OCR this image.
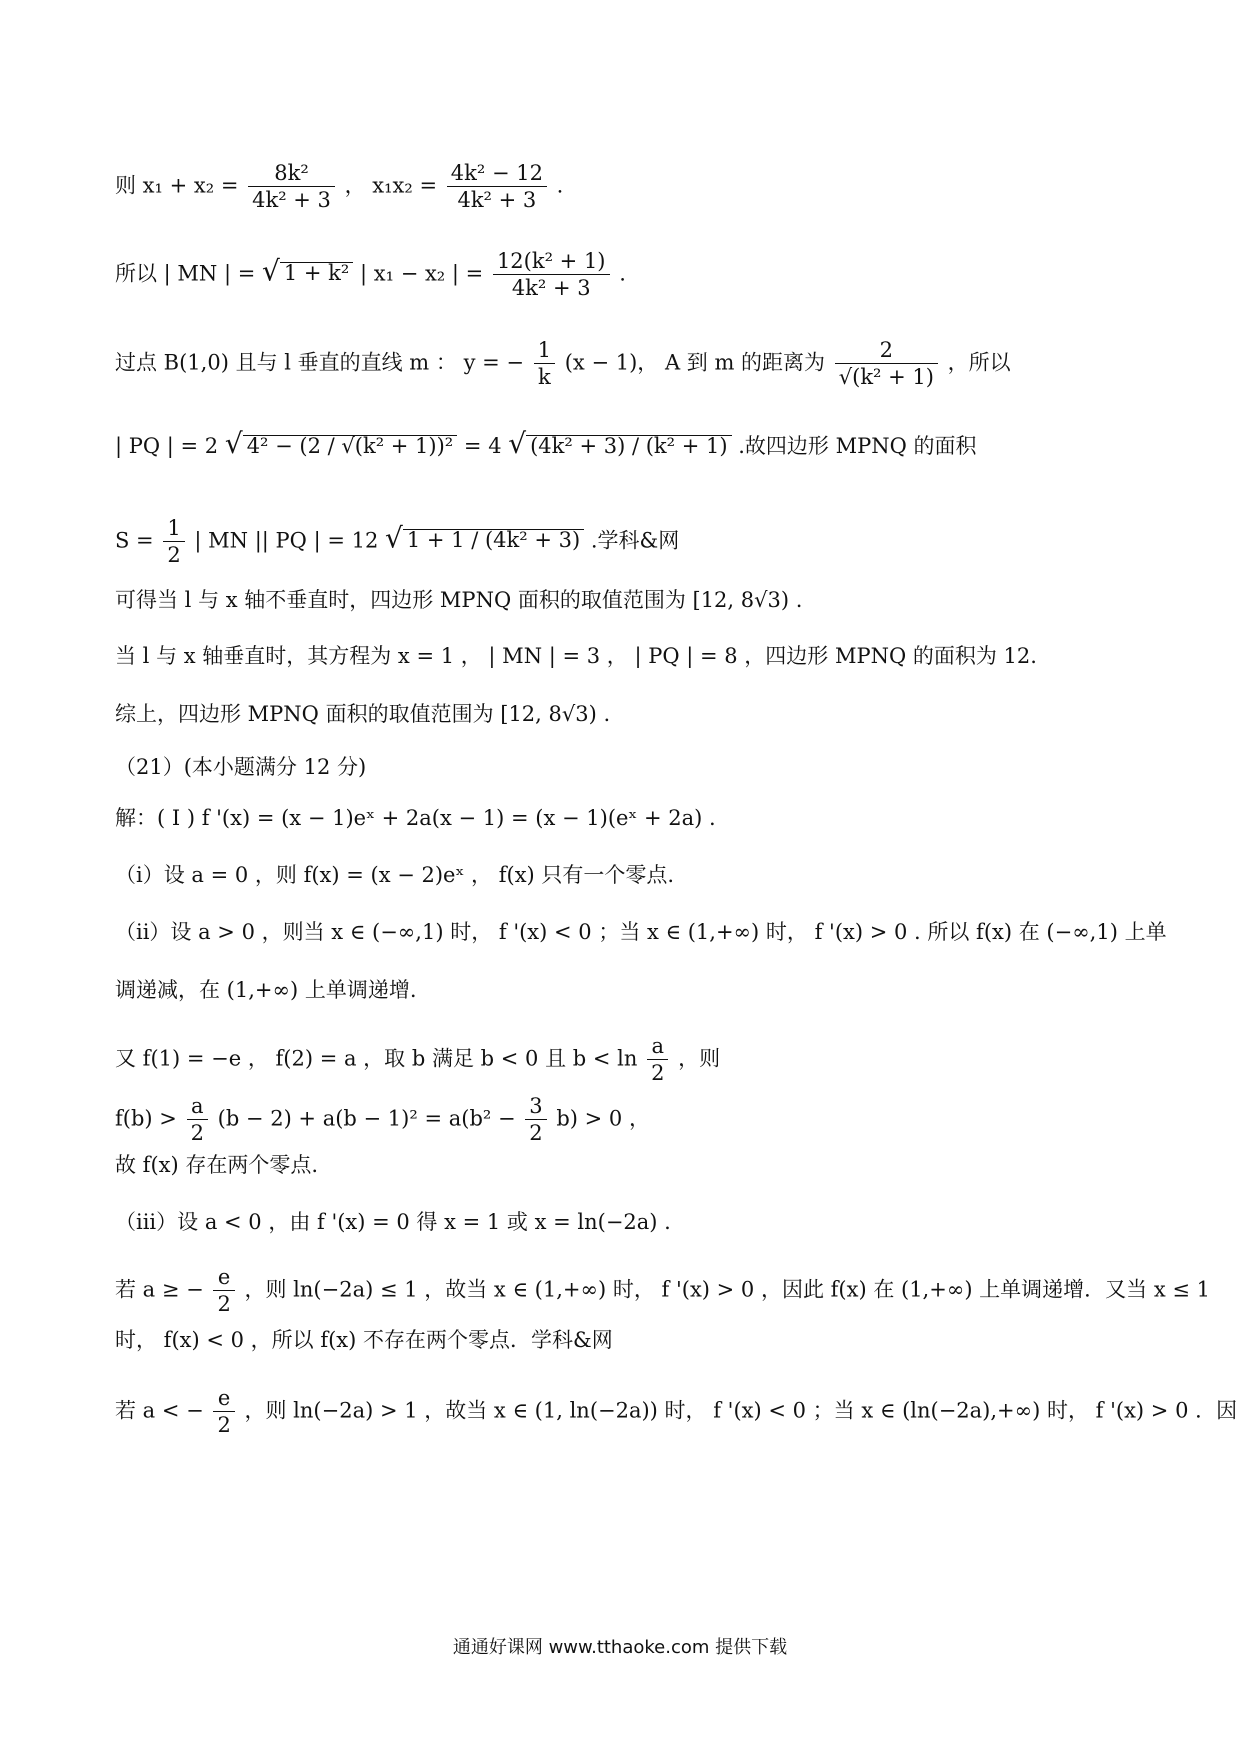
则 $x_1 + x_2 = \frac{\text{8k²}}{\text{4k² + 3}}$ ， $x_1x_2 = \frac{\text{4k² − 12}}{\text{4k² + 3}}$ .
所以 | MN | = √ 1 + k² | x₁ − x₂ | = $\frac{\text{12(k² + 1)}}{\text{4k² + 3}}$ .
过点 B(1,0) 且与 l 垂直的直线 m ： y = − $\frac{1}{k} (x - 1)$， A 到 m 的距离为 $\frac{2}{\text{√(k² + 1)}}$ ，所以
| PQ | = 2 √ 4² − (2 / √(k² + 1))² = 4 √ (4k² + 3) / (k² + 1) .故四边形 MPNQ 的面积
$S = \frac{1}{2}$ | MN || PQ | = 12 √ 1 + 1 / (4k² + 3) .学科&网
可得当 l 与 x 轴不垂直时，四边形 MPNQ 面积的取值范围为 [12, 8√3) .
当 l 与 x 轴垂直时，其方程为 x = 1 ， | MN | = 3 ， | PQ | = 8 ，四边形 MPNQ 的面积为 12.
综上，四边形 MPNQ 面积的取值范围为 [12, 8√3) .
（21）(本小题满分 12 分)
解：( I ) f '(x) = (x − 1)eˣ + 2a(x − 1) = (x − 1)(eˣ + 2a) .
（i）设 a = 0 ，则 f(x) = (x − 2)eˣ ， f(x) 只有一个零点.
（ii）设 a > 0 ，则当 x ∈ (−∞,1) 时， f '(x) < 0 ；当 x ∈ (1,+∞) 时， f '(x) > 0 . 所以 f(x) 在 (−∞,1) 上单
调递减，在 (1,+∞) 上单调递增.
又 f(1) = −e ， f(2) = a ，取 b 满足 b < 0 且 $b < \ln \frac{a}{2}$ ，则
$f(b) > \frac{a}{2} (b - 2) + a(b - 1)^2 = a(b^2 - \frac{3}{2} b) > 0$ ，
故 f(x) 存在两个零点.
（iii）设 a < 0 ，由 f '(x) = 0 得 x = 1 或 x = ln(−2a) .
若 a ≥ − $\frac{e}{2}$ ，则 ln(−2a) ≤ 1 ，故当 x ∈ (1,+∞) 时， f '(x) > 0 ，因此 f(x) 在 (1,+∞) 上单调递增．又当 x ≤ 1
时， f(x) < 0 ，所以 f(x) 不存在两个零点．学科&网
若 a < − $\frac{e}{2}$ ，则 ln(−2a) > 1 ，故当 x ∈ (1, ln(−2a)) 时， f '(x) < 0 ；当 x ∈ (ln(−2a),+∞) 时， f '(x) > 0 ．因
通通好课网 www.tthaoke.com 提供下载
